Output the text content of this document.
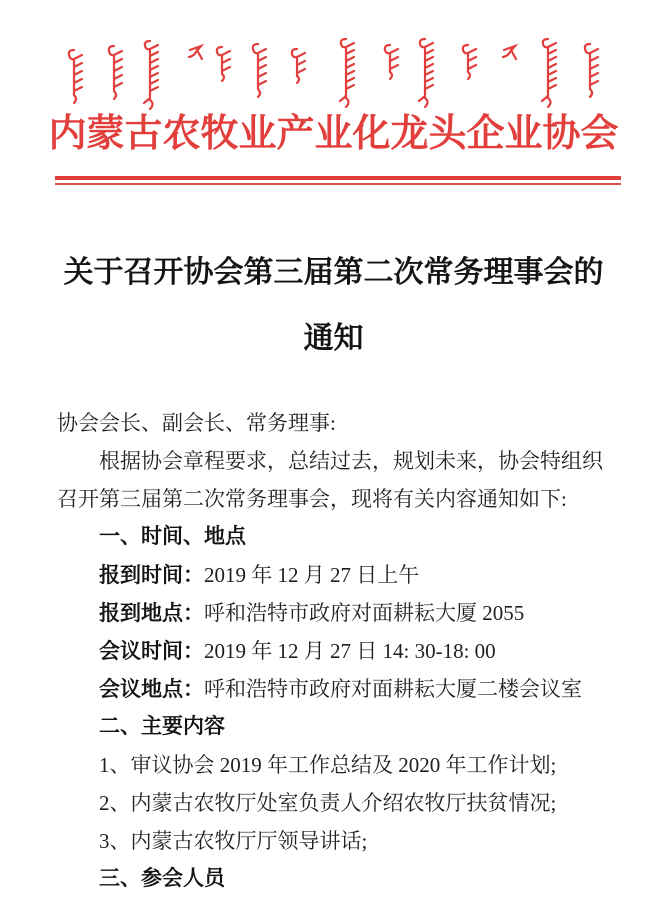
内蒙古农牧业产业化龙头企业协会
关于召开协会第三届第二次常务理事会的
通知
协会会长、副会长、常务理事:
根据协会章程要求，总结过去，规划未来，协会特组织
召开第三届第二次常务理事会，现将有关内容通知如下:
一、时间、地点
报到时间：2019 年 12 月 27 日上午
报到地点：呼和浩特市政府对面耕耘大厦 2055
会议时间：2019 年 12 月 27 日 14: 30-18: 00
会议地点：呼和浩特市政府对面耕耘大厦二楼会议室
二、主要内容
1、审议协会 2019 年工作总结及 2020 年工作计划;
2、内蒙古农牧厅处室负责人介绍农牧厅扶贫情况;
3、内蒙古农牧厅厅领导讲话;
三、参会人员
